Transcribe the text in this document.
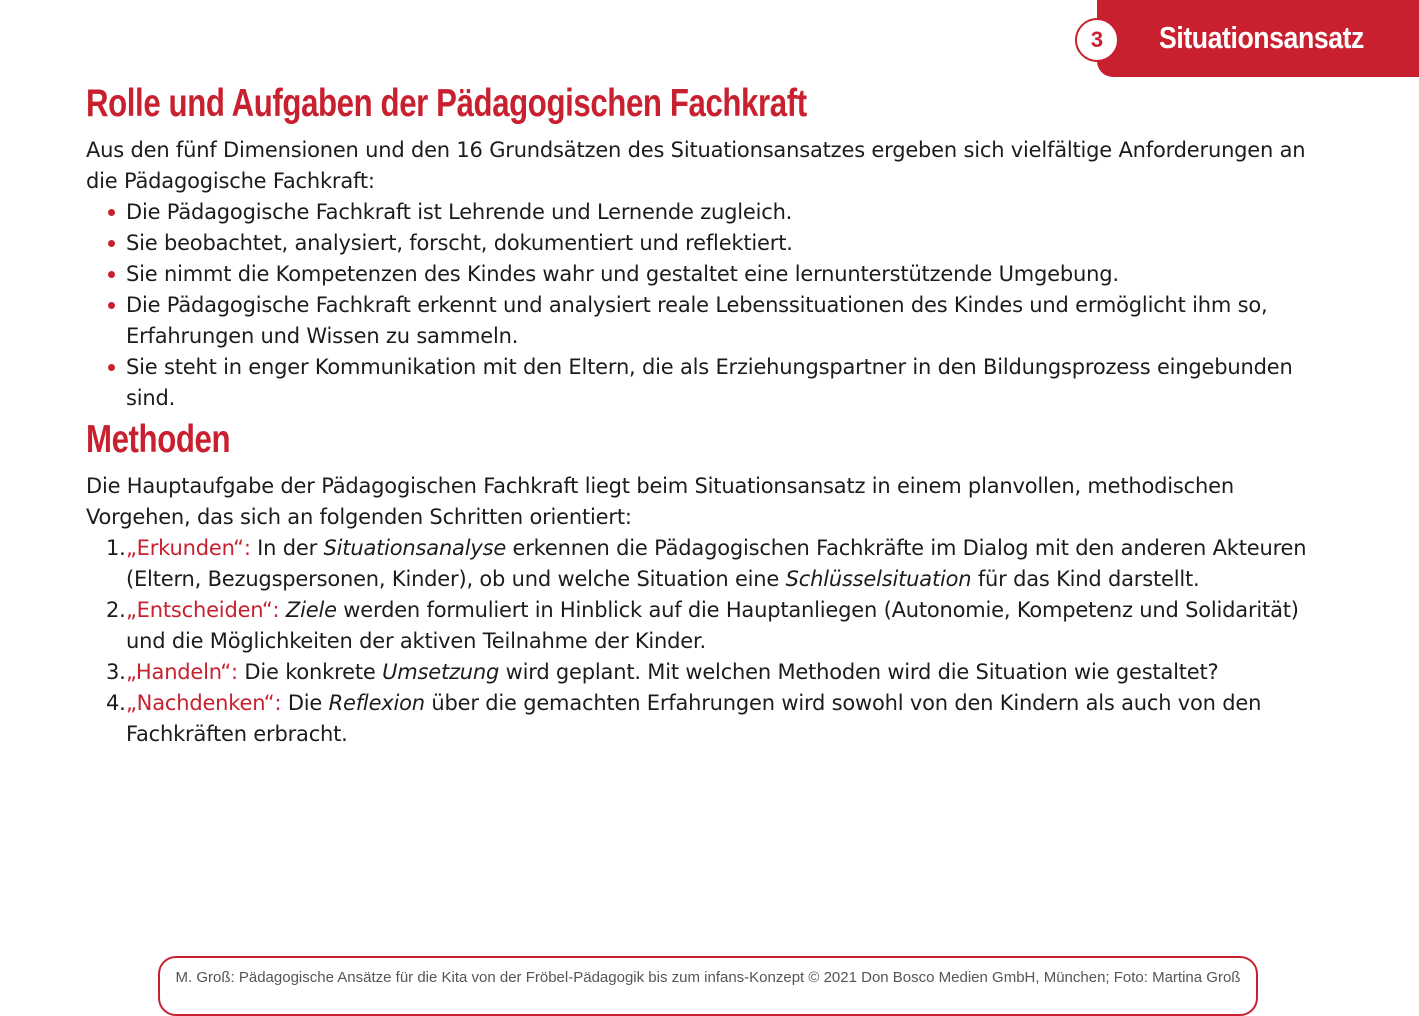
3	Situationsansatz
Rolle und Aufgaben der Pädagogischen Fachkraft

Aus den fünf Dimensionen und den 16 Grundsätzen des Situationsansatzes ergeben sich vielfältige Anforderungen an die Pädagogische Fachkraft:

Die Pädagogische Fachkraft ist Lehrende und Lernende zugleich.
Sie beobachtet, analysiert, forscht, dokumentiert und reflektiert.
Sie nimmt die Kompetenzen des Kindes wahr und gestaltet eine lernunterstützende Umgebung.
Die Pädagogische Fachkraft erkennt und analysiert reale Lebenssituationen des Kindes und ermöglicht ihm so, Erfahrungen und Wissen zu sammeln.
Sie steht in enger Kommunikation mit den Eltern, die als Erziehungspartner in den Bildungsprozess eingebunden sind.
Methoden

Die Hauptaufgabe der Pädagogischen Fachkraft liegt beim Situationsansatz in einem planvollen, methodischen Vorgehen, das sich an folgenden Schritten orientiert:

1. „Erkunden“: In der Situationsanalyse erkennen die Pädagogischen Fachkräfte im Dialog mit den anderen Akteuren (Eltern, Bezugspersonen, Kinder), ob und welche Situation eine Schlüsselsituation für das Kind darstellt.
2. „Entscheiden“: Ziele werden formuliert in Hinblick auf die Hauptanliegen (Autonomie, Kompetenz und Solidarität) und die Möglichkeiten der aktiven Teilnahme der Kinder.
3. „Handeln“: Die konkrete Umsetzung wird geplant. Mit welchen Methoden wird die Situation wie gestaltet?
4. „Nachdenken“: Die Reflexion über die gemachten Erfahrungen wird sowohl von den Kindern als auch von den Fachkräften erbracht.
M. Groß: Pädagogische Ansätze für die Kita von der Fröbel-Pädagogik bis zum infans-Konzept © 2021 Don Bosco Medien GmbH, München; Foto: Martina Groß
